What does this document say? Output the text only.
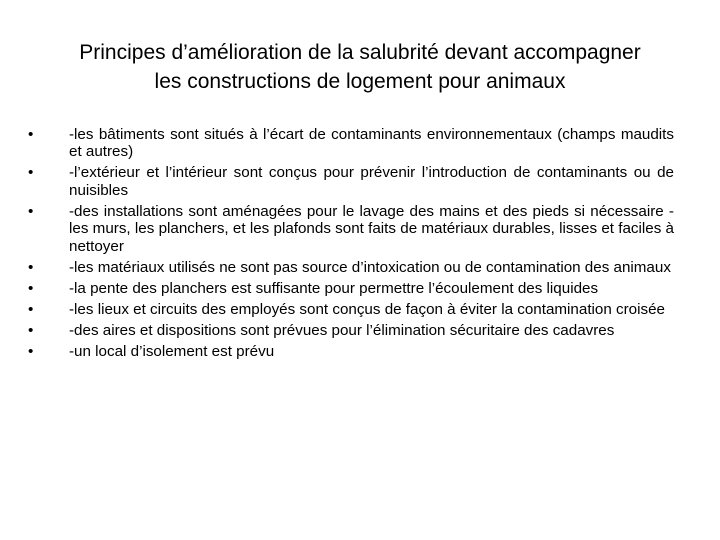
Principes d’amélioration de la salubrité devant accompagner
les constructions de logement pour animaux
•	-les bâtiments sont situés à l’écart de contaminants environnementaux (champs maudits et autres)
•	-l’extérieur et l’intérieur sont conçus pour prévenir l’introduction de contaminants ou de nuisibles
•	-des installations sont aménagées pour le lavage des mains et des pieds si nécessaire -les murs, les planchers, et les plafonds sont faits de matériaux durables, lisses et faciles à nettoyer
•	-les matériaux utilisés ne sont pas source d’intoxication ou de contamination des animaux
•	-la pente des planchers est suffisante pour permettre l’écoulement des liquides
•	-les lieux et circuits des employés sont conçus de façon à éviter la contamination croisée
•	-des aires et dispositions sont prévues pour l’élimination sécuritaire des cadavres
•	-un local d’isolement est prévu
